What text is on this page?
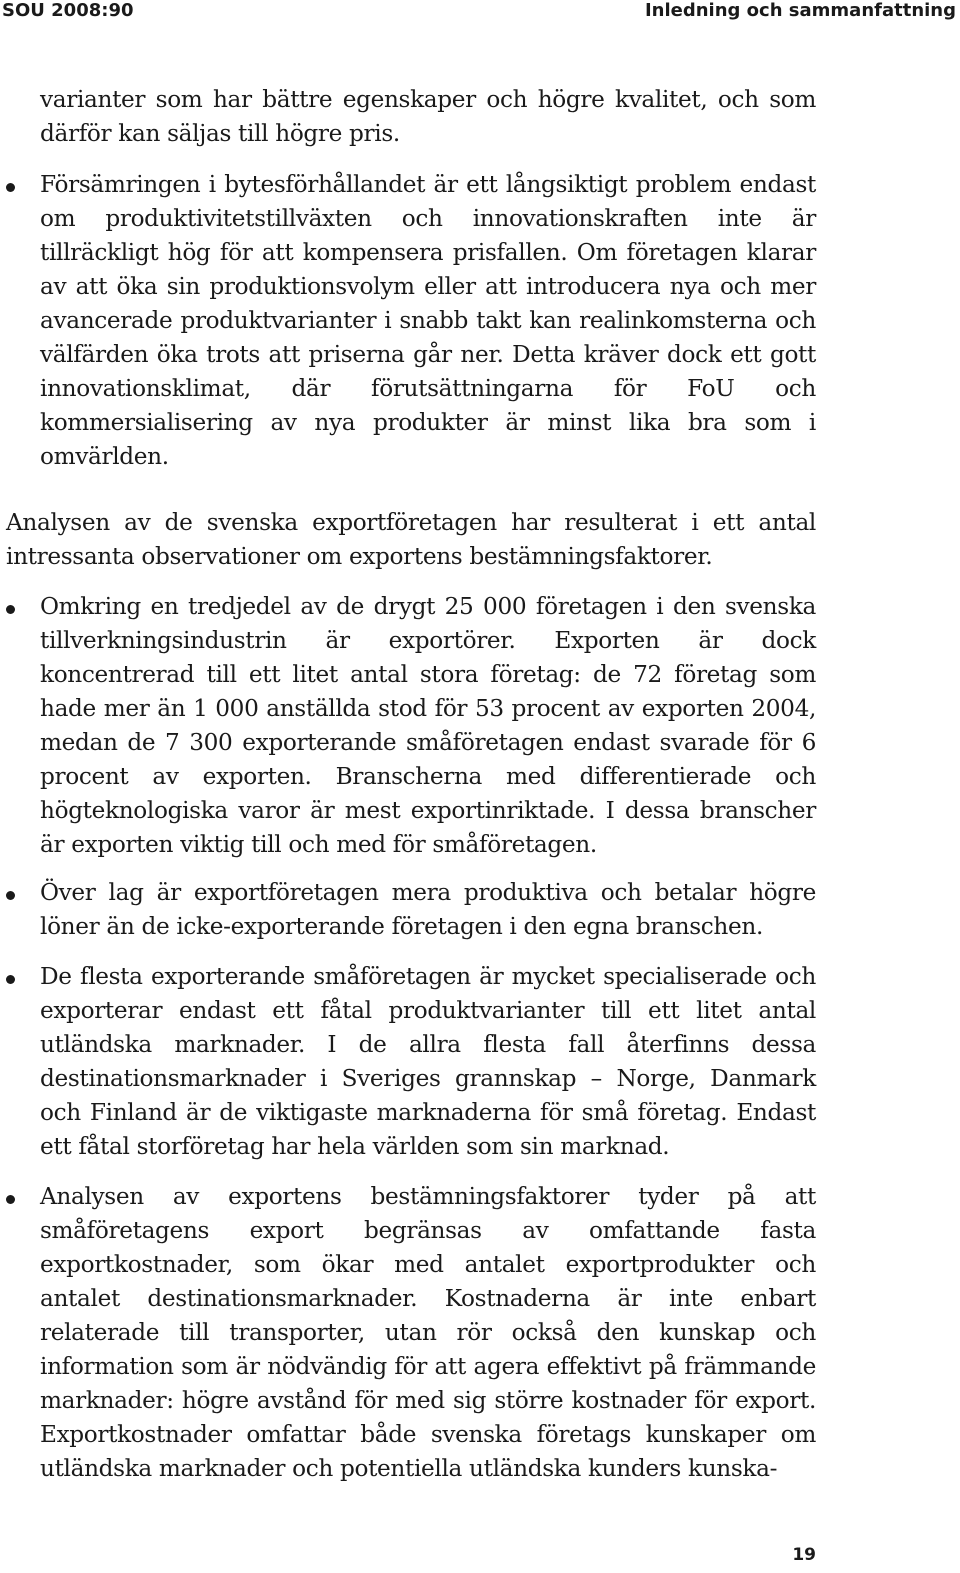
SOU 2008:90	Inledning och sammanfattning
varianter som har bättre egenskaper och högre kvalitet, och som därför kan säljas till högre pris.
Försämringen i bytesförhållandet är ett långsiktigt problem endast om produktivitetstillväxten och innovationskraften inte är tillräckligt hög för att kompensera prisfallen. Om företagen klarar av att öka sin produktionsvolym eller att introducera nya och mer avancerade produktvarianter i snabb takt kan realinkomsterna och välfärden öka trots att priserna går ner. Detta kräver dock ett gott innovationsklimat, där förutsättningarna för FoU och kommersialisering av nya produkter är minst lika bra som i omvärlden.
Analysen av de svenska exportföretagen har resulterat i ett antal intressanta observationer om exportens bestämningsfaktorer.
Omkring en tredjedel av de drygt 25 000 företagen i den svenska tillverkningsindustrin är exportörer. Exporten är dock koncentrerad till ett litet antal stora företag: de 72 företag som hade mer än 1 000 anställda stod för 53 procent av exporten 2004, medan de 7 300 exporterande småföretagen endast svarade för 6 procent av exporten. Branscherna med differentierade och högteknologiska varor är mest exportinriktade. I dessa branscher är exporten viktig till och med för småföretagen.
Över lag är exportföretagen mera produktiva och betalar högre löner än de icke-exporterande företagen i den egna branschen.
De flesta exporterande småföretagen är mycket specialiserade och exporterar endast ett fåtal produktvarianter till ett litet antal utländska marknader. I de allra flesta fall återfinns dessa destinationsmarknader i Sveriges grannskap – Norge, Danmark och Finland är de viktigaste marknaderna för små företag. Endast ett fåtal storföretag har hela världen som sin marknad.
Analysen av exportens bestämningsfaktorer tyder på att småföretagens export begränsas av omfattande fasta exportkostnader, som ökar med antalet exportprodukter och antalet destinationsmarknader. Kostnaderna är inte enbart relaterade till transporter, utan rör också den kunskap och information som är nödvändig för att agera effektivt på främmande marknader: högre avstånd för med sig större kostnader för export. Exportkostnader omfattar både svenska företags kunskaper om utländska marknader och potentiella utländska kunders kunska-
19
